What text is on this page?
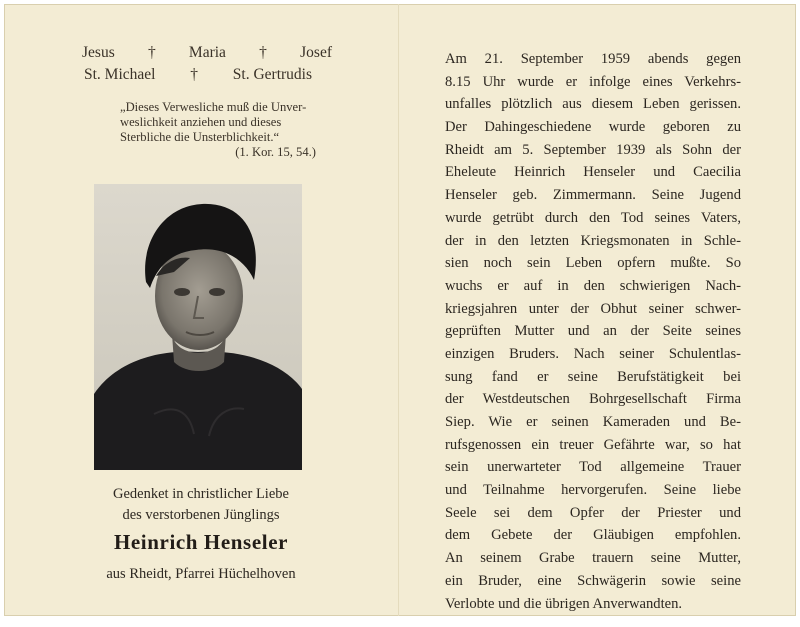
Jesus † Maria † Josef
St. Michael † St. Gertrudis
„Dieses Verwesliche muß die Unver-
weslichkeit anziehen und dieses
Sterbliche die Unsterblichkeit.“
(1. Kor. 15, 54.)
Gedenket in christlicher Liebe
des verstorbenen Jünglings
Heinrich Henseler
aus Rheidt, Pfarrei Hüchelhoven
Am 21. September 1959 abends gegen
8.15 Uhr wurde er infolge eines Verkehrs-
unfalles plötzlich aus diesem Leben gerissen.
Der Dahingeschiedene wurde geboren zu
Rheidt am 5. September 1939 als Sohn der
Eheleute Heinrich Henseler und Caecilia
Henseler geb. Zimmermann. Seine Jugend
wurde getrübt durch den Tod seines Vaters,
der in den letzten Kriegsmonaten in Schle-
sien noch sein Leben opfern mußte. So
wuchs er auf in den schwierigen Nach-
kriegsjahren unter der Obhut seiner schwer-
geprüften Mutter und an der Seite seines
einzigen Bruders. Nach seiner Schulentlas-
sung fand er seine Berufstätigkeit bei
der Westdeutschen Bohrgesellschaft Firma
Siep. Wie er seinen Kameraden und Be-
rufsgenossen ein treuer Gefährte war, so hat
sein unerwarteter Tod allgemeine Trauer
und Teilnahme hervorgerufen. Seine liebe
Seele sei dem Opfer der Priester und
dem Gebete der Gläubigen empfohlen.
An seinem Grabe trauern seine Mutter,
ein Bruder, eine Schwägerin sowie seine
Verlobte und die übrigen Anverwandten.
